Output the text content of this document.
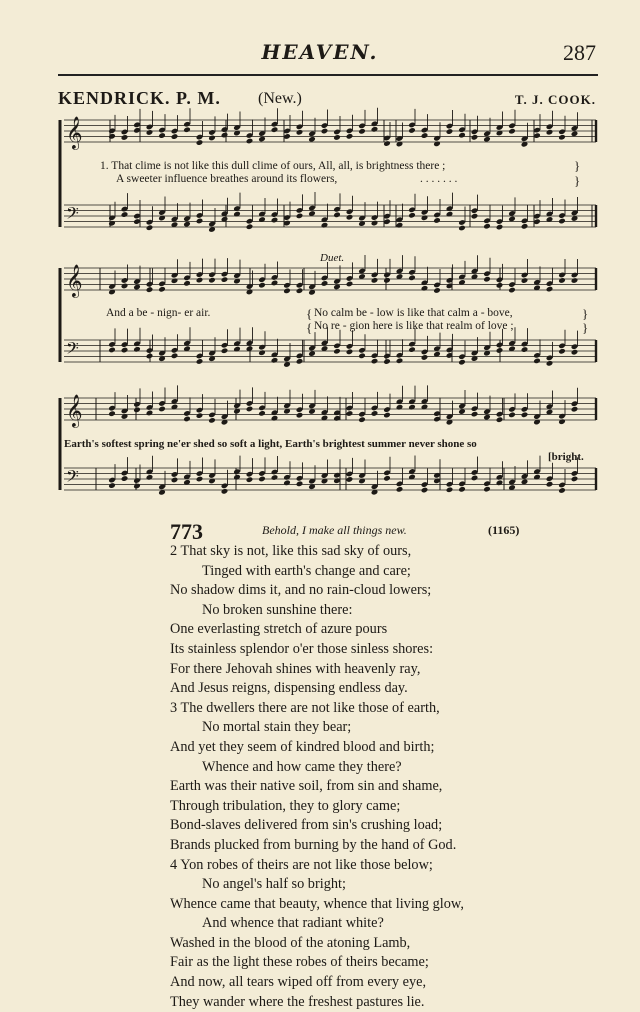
HEAVEN.	287
KENDRICK. P. M. (New.)	T. J. COOK.
𝄞
𝄢
𝄞
𝄢
𝄞
𝄢
1. That clime is not like this dull clime of ours, All, all, is brightness there ;	}
A sweeter influence breathes around its flowers,	. . . . . . .	}
Duet.
And a be - nign- er air.	{ No calm be - low is like that calm a - bove,	}
{ No re - gion here is like that realm of love ;	}
Earth's softest spring ne'er shed so soft a light, Earth's brightest summer never shone so
[bright.
773	Behold, I make all things new.	(1165)
2 That sky is not, like this sad sky of ours,
Tinged with earth's change and care;
No shadow dims it, and no rain-cloud lowers;
No broken sunshine there:
One everlasting stretch of azure pours
Its stainless splendor o'er those sinless shores:
For there Jehovah shines with heavenly ray,
And Jesus reigns, dispensing endless day.
3 The dwellers there are not like those of earth,
No mortal stain they bear;
And yet they seem of kindred blood and birth;
Whence and how came they there?
Earth was their native soil, from sin and shame,
Through tribulation, they to glory came;
Bond-slaves delivered from sin's crushing load;
Brands plucked from burning by the hand of God.
4 Yon robes of theirs are not like those below;
No angel's half so bright;
Whence came that beauty, whence that living glow,
And whence that radiant white?
Washed in the blood of the atoning Lamb,
Fair as the light these robes of theirs became;
And now, all tears wiped off from every eye,
They wander where the freshest pastures lie.
